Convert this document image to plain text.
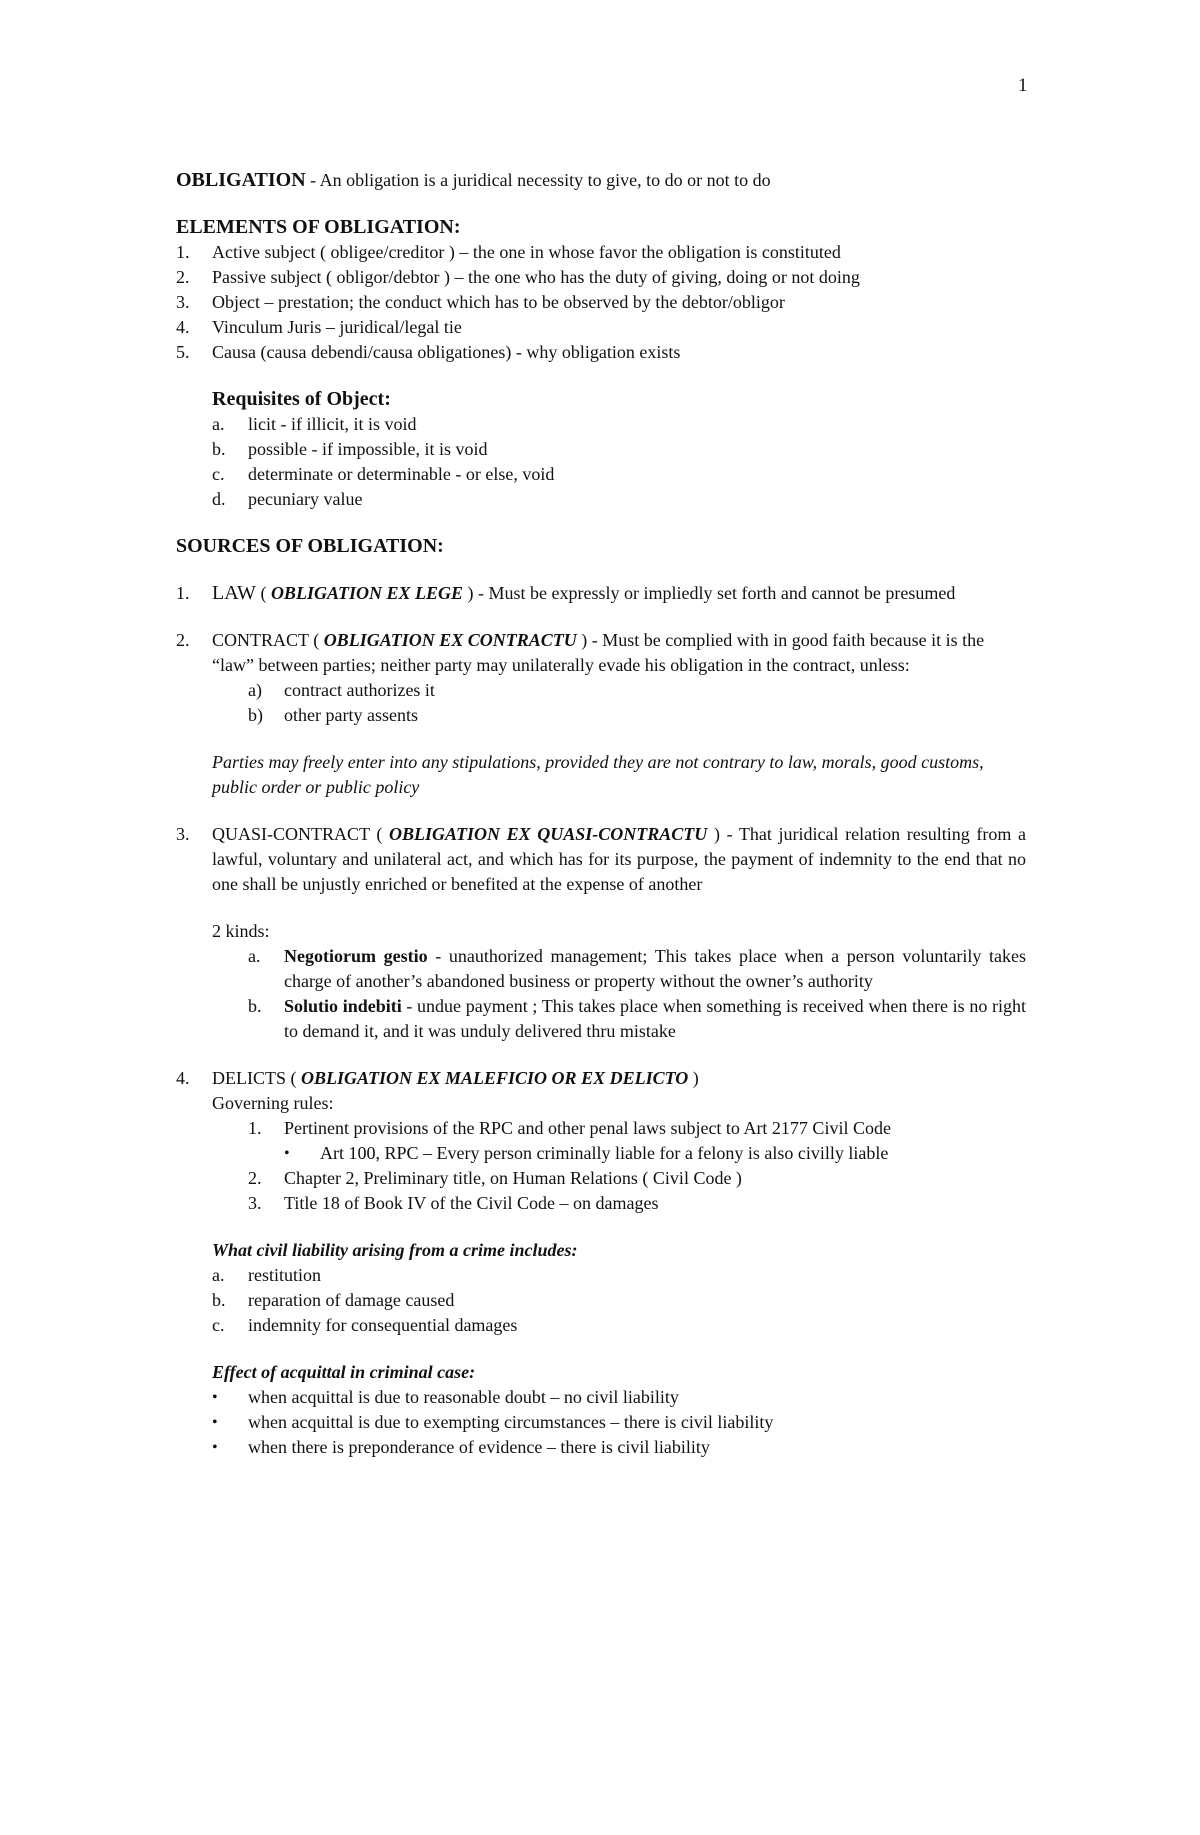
1

OBLIGATION - An obligation is a juridical necessity to give, to do or not to do

ELEMENTS OF OBLIGATION:

1.	Active subject ( obligee/creditor ) – the one in whose favor the obligation is constituted
2.	Passive subject ( obligor/debtor ) – the one who has the duty of giving, doing or not doing
3.	Object – prestation; the conduct which has to be observed by the debtor/obligor
4.	Vinculum Juris – juridical/legal tie
5.	Causa (causa debendi/causa obligationes) - why obligation exists

Requisites of Object:

a.	licit - if illicit, it is void
b.	possible - if impossible, it is void
c.	determinate or determinable - or else, void
d.	pecuniary value

SOURCES OF OBLIGATION:

1.	LAW ( OBLIGATION EX LEGE ) - Must be expressly or impliedly set forth and cannot be presumed
2.	CONTRACT ( OBLIGATION EX CONTRACTU ) - Must be complied with in good faith because it is the “law” between parties; neither party may unilaterally evade his obligation in the contract, unless:
a)	contract authorizes it
b)	other party assents

Parties may freely enter into any stipulations, provided they are not contrary to law, morals, good customs, public order or public policy

3.	QUASI-CONTRACT ( OBLIGATION EX QUASI-CONTRACTU ) - That juridical relation resulting from a lawful, voluntary and unilateral act, and which has for its purpose, the payment of indemnity to the end that no one shall be unjustly enriched or benefited at the expense of another

2 kinds:

a.	Negotiorum gestio - unauthorized management; This takes place when a person voluntarily takes charge of another’s abandoned business or property without the owner’s authority
b.	Solutio indebiti - undue payment ; This takes place when something is received when there is no right to demand it, and it was unduly delivered thru mistake
4.	DELICTS ( OBLIGATION EX MALEFICIO OR EX DELICTO )

Governing rules:

1.	Pertinent provisions of the RPC and other penal laws subject to Art 2177 Civil Code
•	Art 100, RPC – Every person criminally liable for a felony is also civilly liable
2.	Chapter 2, Preliminary title, on Human Relations ( Civil Code )
3.	Title 18 of Book IV of the Civil Code – on damages

What civil liability arising from a crime includes:

a.	restitution
b.	reparation of damage caused
c.	indemnity for consequential damages

Effect of acquittal in criminal case:

•	when acquittal is due to reasonable doubt – no civil liability
•	when acquittal is due to exempting circumstances – there is civil liability
•	when there is preponderance of evidence – there is civil liability
